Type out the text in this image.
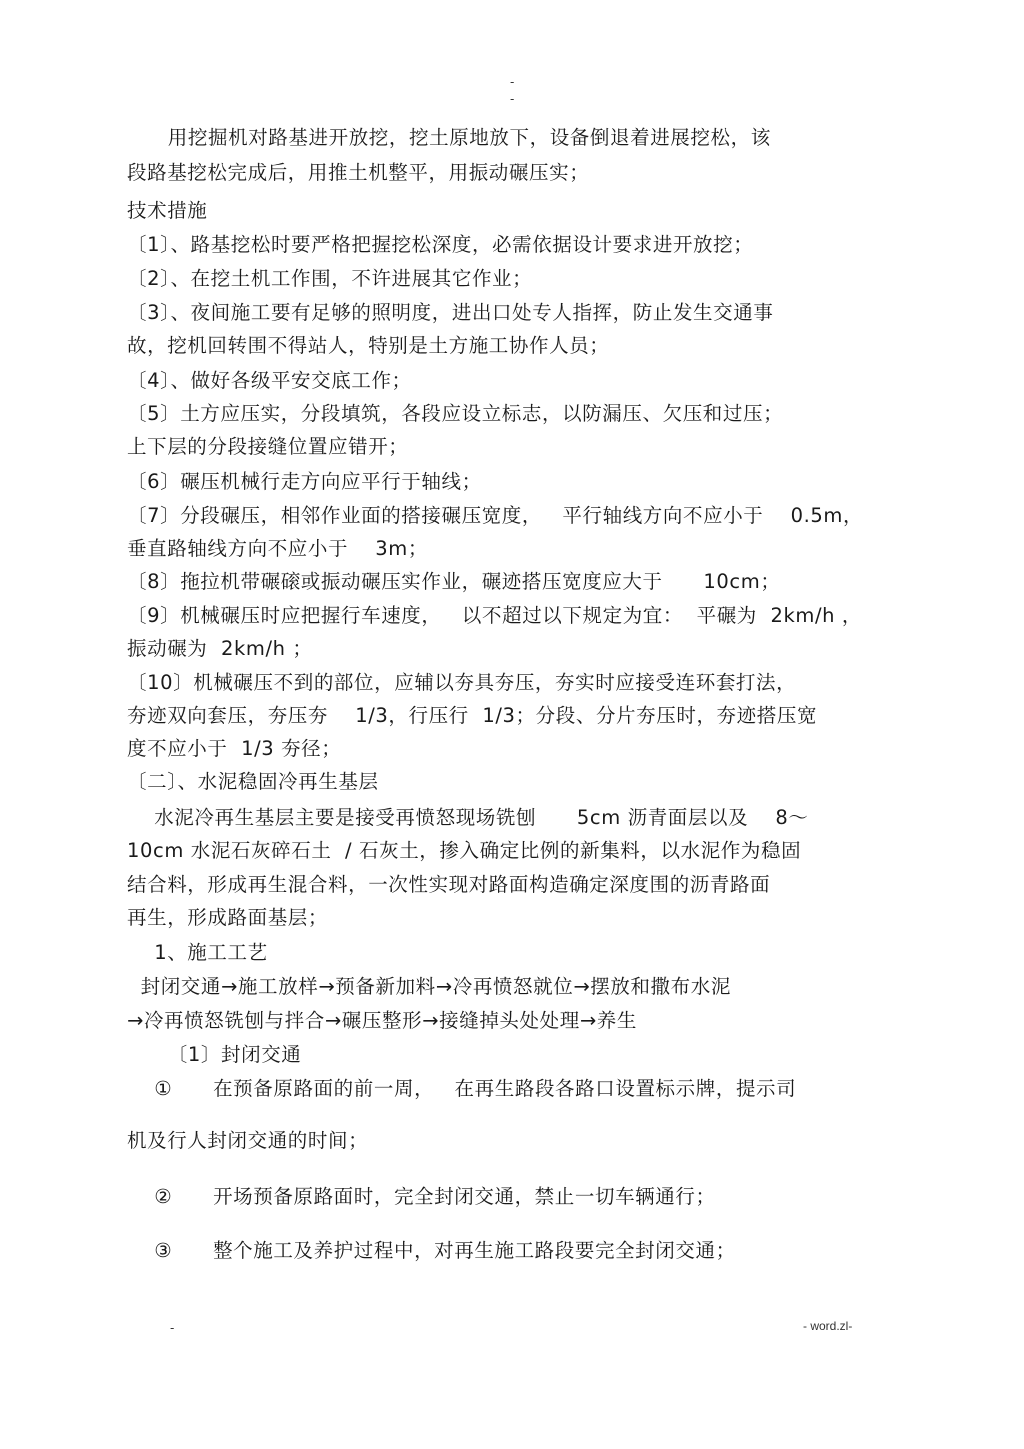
-
-
用挖掘机对路基进开放挖，挖土原地放下，设备倒退着进展挖松，该
段路基挖松完成后，用推土机整平，用振动碾压实；
技术措施
〔1〕、路基挖松时要严格把握挖松深度，必需依据设计要求进开放挖；
〔2〕、在挖土机工作围，不许进展其它作业；
〔3〕、夜间施工要有足够的照明度，进出口处专人指挥，防止发生交通事
故，挖机回转围不得站人，特别是土方施工协作人员；
〔4〕、做好各级平安交底工作；
〔5〕土方应压实，分段填筑，各段应设立标志，以防漏压、欠压和过压；
上下层的分段接缝位置应错开；
〔6〕碾压机械行走方向应平行于轴线；
〔7〕分段碾压，相邻作业面的搭接碾压宽度，   平行轴线方向不应小于    0.5m，
垂直路轴线方向不应小于    3m；
〔8〕拖拉机带碾磙或振动碾压实作业，碾迹搭压宽度应大于      10cm；
〔9〕机械碾压时应把握行车速度，   以不超过以下规定为宜：  平碾为  2km/h ，
振动碾为  2km/h ；
〔10〕机械碾压不到的部位，应辅以夯具夯压，夯实时应接受连环套打法，
夯迹双向套压，夯压夯    1/3，行压行  1/3；分段、分片夯压时，夯迹搭压宽
度不应小于  1/3 夯径；
〔二〕、水泥稳固冷再生基层
水泥冷再生基层主要是接受再愤怒现场铣刨      5cm 沥青面层以及    8～
10cm 水泥石灰碎石土  / 石灰土，掺入确定比例的新集料，以水泥作为稳固
结合料，形成再生混合料，一次性实现对路面构造确定深度围的沥青路面
再生，形成路面基层；
1、施工工艺
封闭交通→施工放样→预备新加料→冷再愤怒就位→摆放和撒布水泥
→冷再愤怒铣刨与拌合→碾压整形→接缝掉头处处理→养生
〔1〕封闭交通
①      在预备原路面的前一周，   在再生路段各路口设置标示牌，提示司
机及行人封闭交通的时间；
②      开场预备原路面时，完全封闭交通，禁止一切车辆通行；
③      整个施工及养护过程中，对再生施工路段要完全封闭交通；
-	- word.zl-
